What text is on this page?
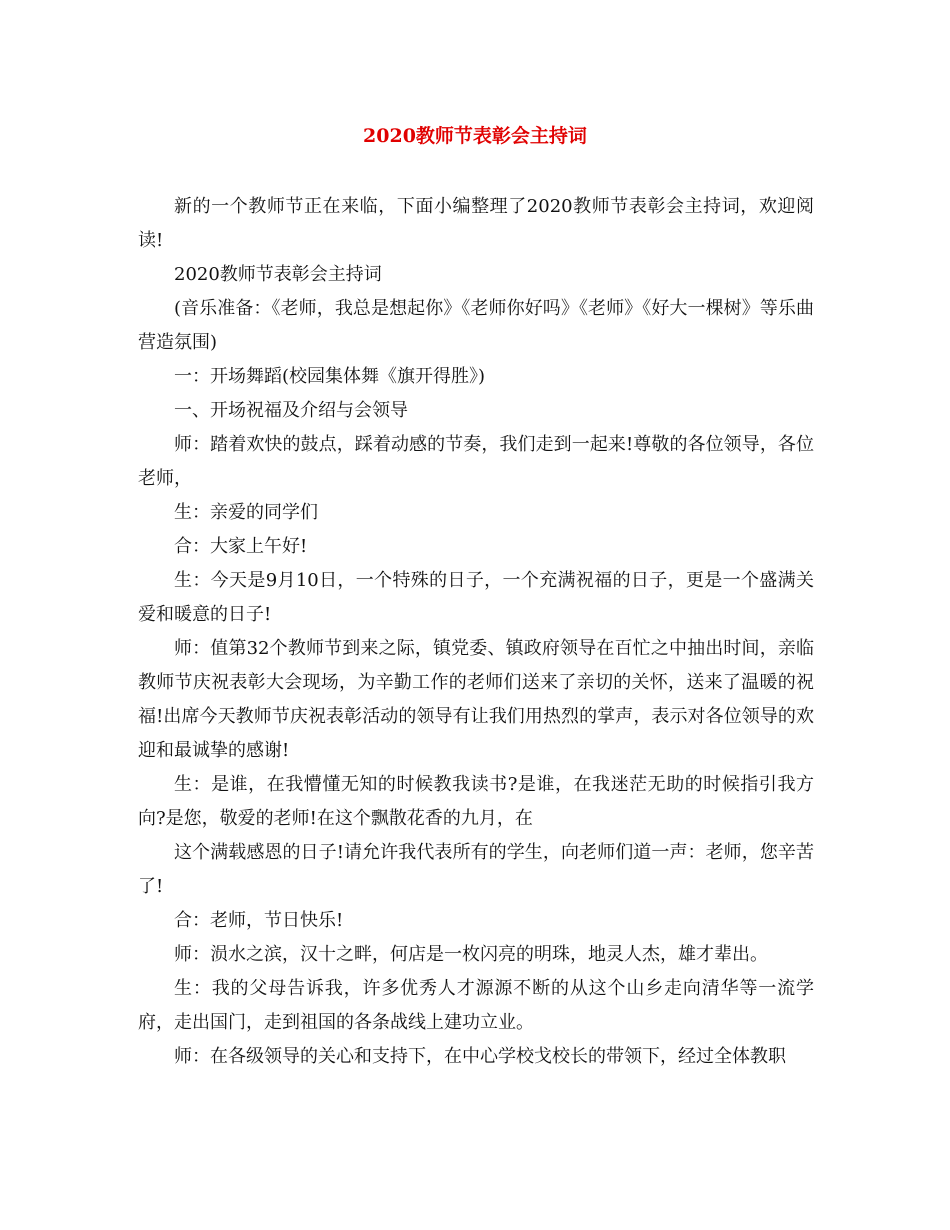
2020教师节表彰会主持词

新的一个教师节正在来临，下面小编整理了2020教师节表彰会主持词，欢迎阅读!

2020教师节表彰会主持词

(音乐准备：《老师，我总是想起你》《老师你好吗》《老师》《好大一棵树》等乐曲营造氛围)

一：开场舞蹈(校园集体舞《旗开得胜》)

一、开场祝福及介绍与会领导

师：踏着欢快的鼓点，踩着动感的节奏，我们走到一起来!尊敬的各位领导，各位老师，

生：亲爱的同学们

合：大家上午好!

生：今天是9月10日，一个特殊的日子，一个充满祝福的日子，更是一个盛满关爱和暖意的日子!

师：值第32个教师节到来之际，镇党委、镇政府领导在百忙之中抽出时间，亲临教师节庆祝表彰大会现场，为辛勤工作的老师们送来了亲切的关怀，送来了温暖的祝福!出席今天教师节庆祝表彰活动的领导有让我们用热烈的掌声，表示对各位领导的欢迎和最诚挚的感谢!

生：是谁，在我懵懂无知的时候教我读书?是谁，在我迷茫无助的时候指引我方向?是您，敬爱的老师!在这个飘散花香的九月，在

这个满载感恩的日子!请允许我代表所有的学生，向老师们道一声：老师，您辛苦了!

合：老师，节日快乐!

师：涢水之滨，汉十之畔，何店是一枚闪亮的明珠，地灵人杰，雄才辈出。

生：我的父母告诉我，许多优秀人才源源不断的从这个山乡走向清华等一流学府，走出国门，走到祖国的各条战线上建功立业。

师：在各级领导的关心和支持下，在中心学校戈校长的带领下，经过全体教职
